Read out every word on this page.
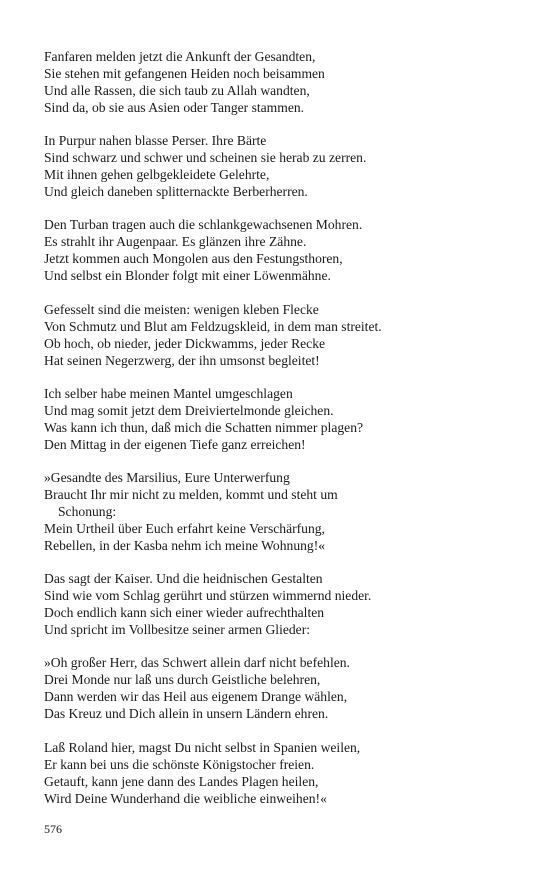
Fanfaren melden jetzt die Ankunft der Gesandten,
Sie stehen mit gefangenen Heiden noch beisammen
Und alle Rassen, die sich taub zu Allah wandten,
Sind da, ob sie aus Asien oder Tanger stammen.
In Purpur nahen blasse Perser. Ihre Bärte
Sind schwarz und schwer und scheinen sie herab zu zerren.
Mit ihnen gehen gelbgekleidete Gelehrte,
Und gleich daneben splitternackte Berberherren.
Den Turban tragen auch die schlankgewachsenen Mohren.
Es strahlt ihr Augenpaar. Es glänzen ihre Zähne.
Jetzt kommen auch Mongolen aus den Festungsthoren,
Und selbst ein Blonder folgt mit einer Löwenmähne.
Gefesselt sind die meisten: wenigen kleben Flecke
Von Schmutz und Blut am Feldzugskleid, in dem man streitet.
Ob hoch, ob nieder, jeder Dickwamms, jeder Recke
Hat seinen Negerzwerg, der ihn umsonst begleitet!
Ich selber habe meinen Mantel umgeschlagen
Und mag somit jetzt dem Dreiviertelmonde gleichen.
Was kann ich thun, daß mich die Schatten nimmer plagen?
Den Mittag in der eigenen Tiefe ganz erreichen!
»Gesandte des Marsilius, Eure Unterwerfung
Braucht Ihr mir nicht zu melden, kommt und steht um
Schonung:
Mein Urtheil über Euch erfahrt keine Verschärfung,
Rebellen, in der Kasba nehm ich meine Wohnung!«
Das sagt der Kaiser. Und die heidnischen Gestalten
Sind wie vom Schlag gerührt und stürzen wimmernd nieder.
Doch endlich kann sich einer wieder aufrechthalten
Und spricht im Vollbesitze seiner armen Glieder:
»Oh großer Herr, das Schwert allein darf nicht befehlen.
Drei Monde nur laß uns durch Geistliche belehren,
Dann werden wir das Heil aus eigenem Drange wählen,
Das Kreuz und Dich allein in unsern Ländern ehren.
Laß Roland hier, magst Du nicht selbst in Spanien weilen,
Er kann bei uns die schönste Königstocher freien.
Getauft, kann jene dann des Landes Plagen heilen,
Wird Deine Wunderhand die weibliche einweihen!«
576
